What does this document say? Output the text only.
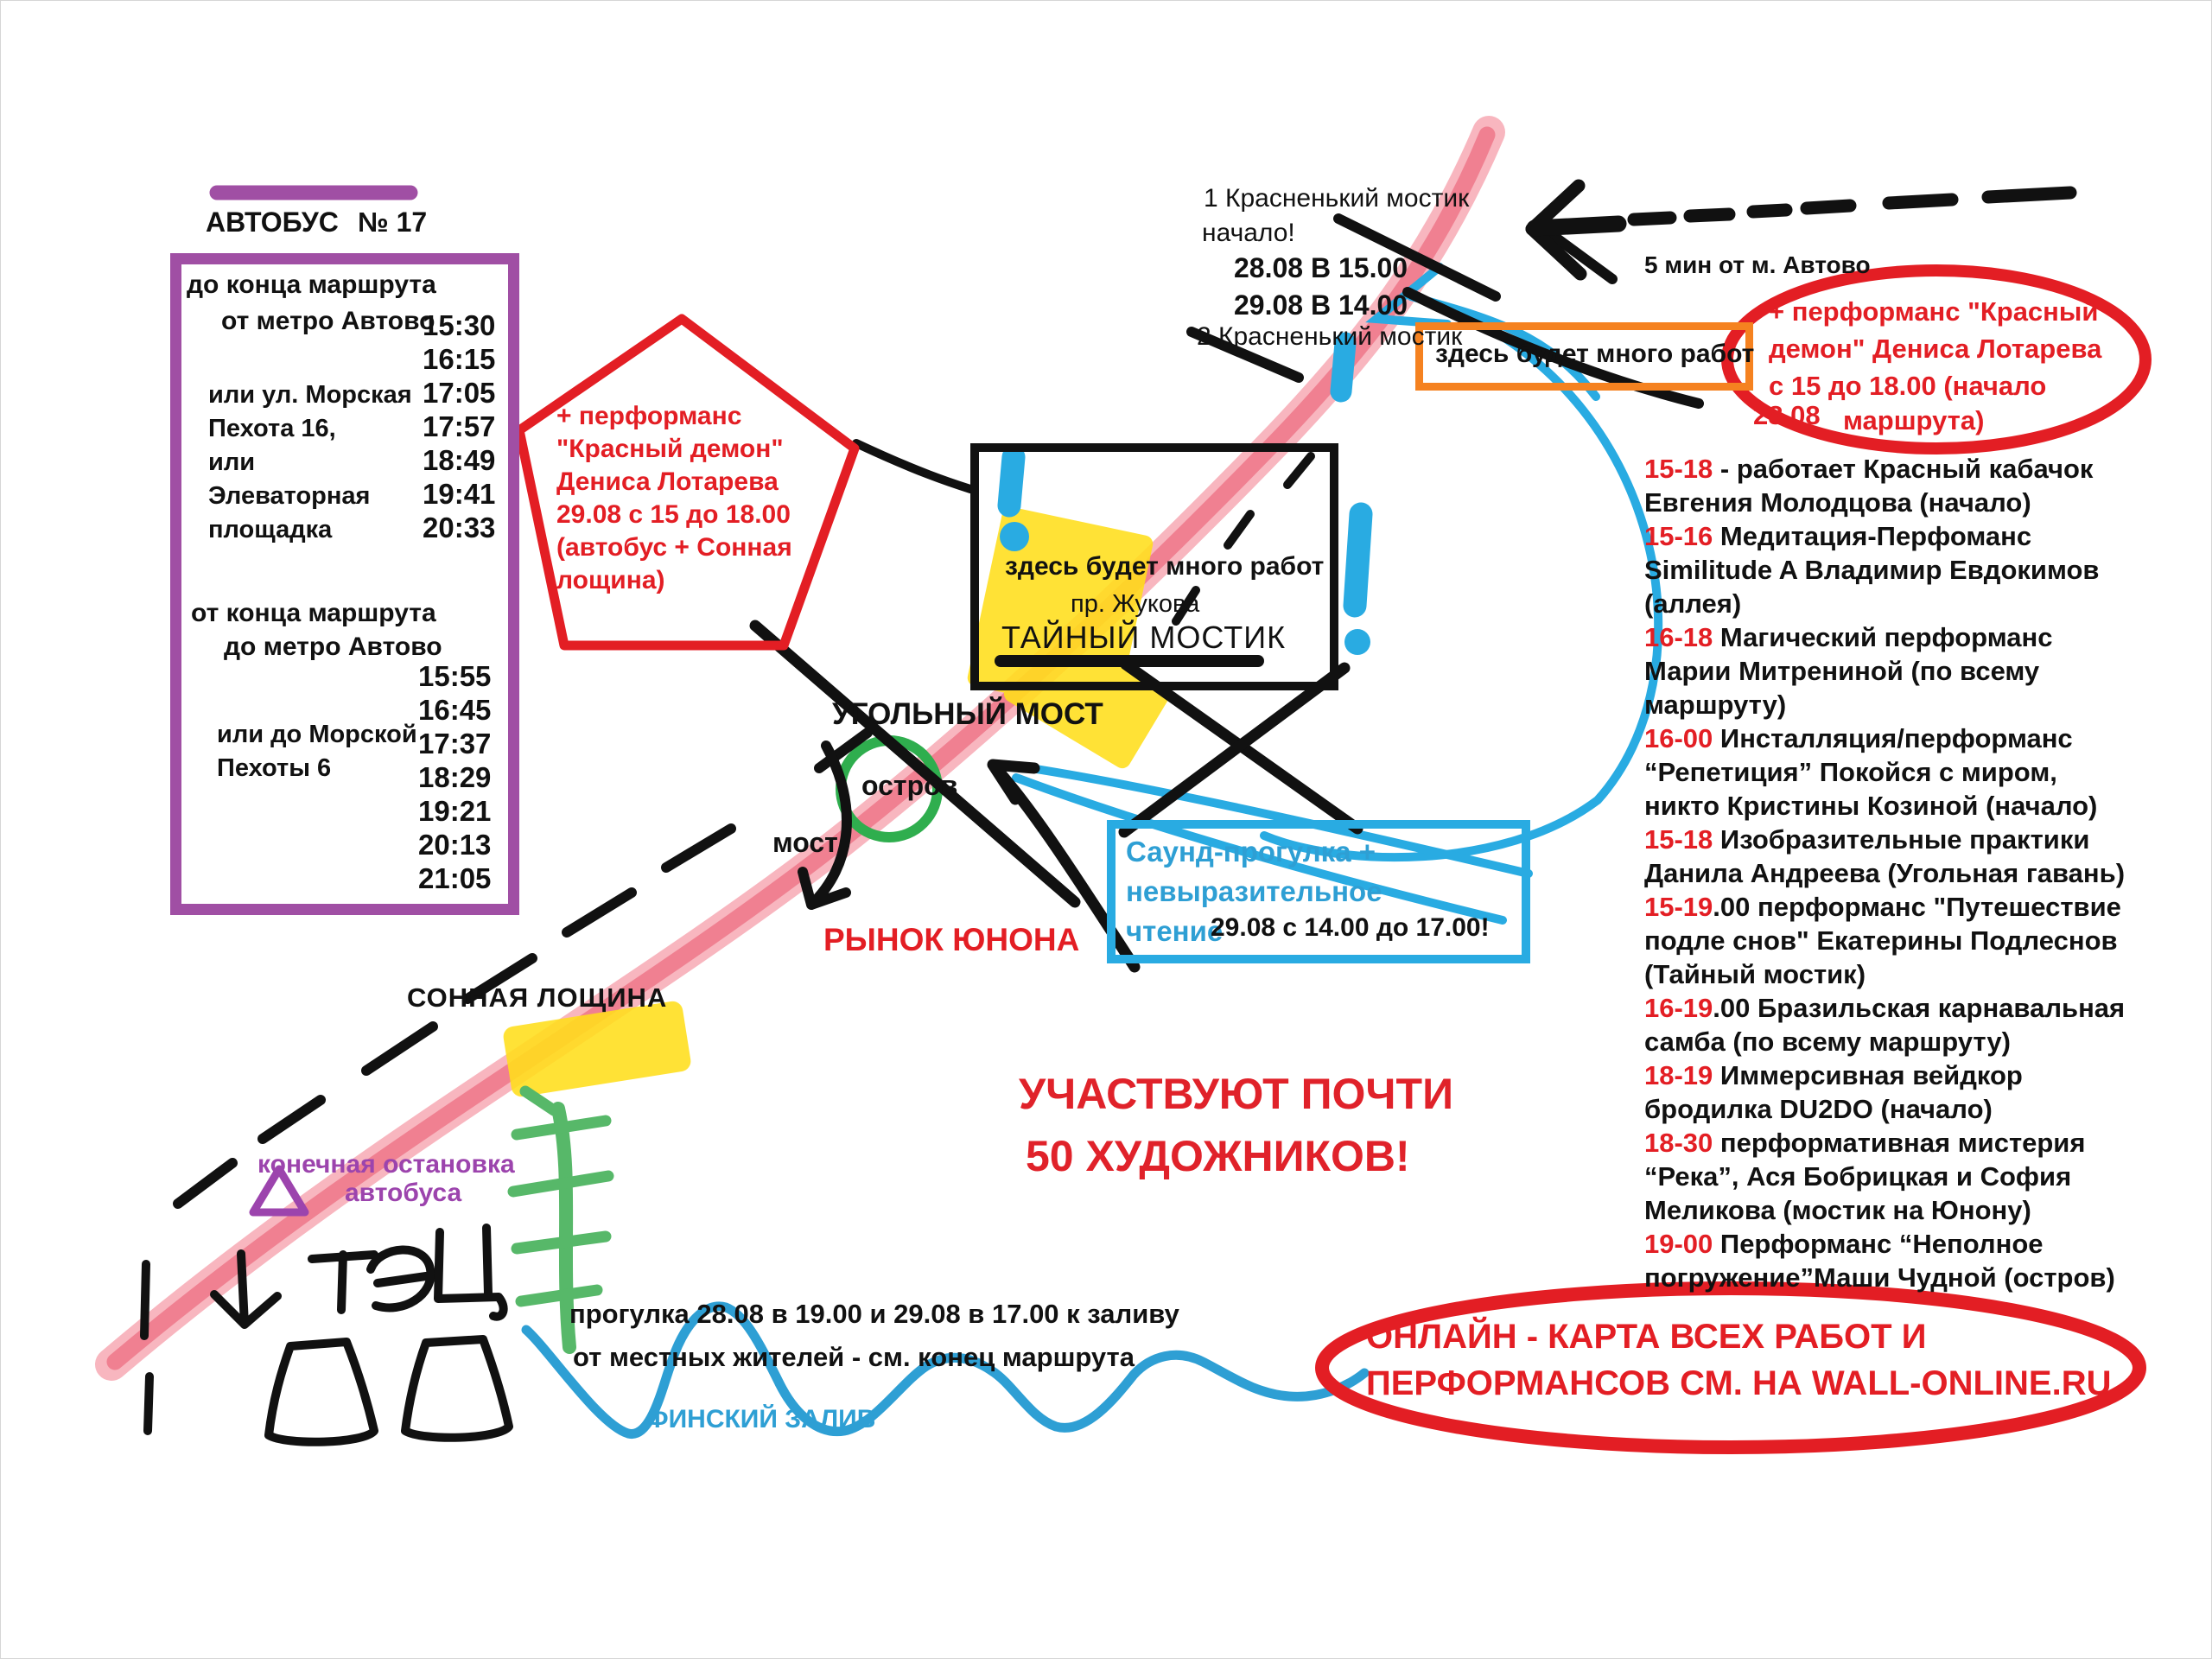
АВТОБУС № 17
до конца маршрута
от метро Автово
15:30
16:15
17:05
17:57
18:49
19:41
20:33
или ул. Морская
Пехота 16,
или
Элеваторная
площадка
от конца маршрута
до метро Автово
15:55
16:45
17:37
18:29
19:21
20:13
21:05
или до Морской
Пехоты 6
+ перформанс
"Красный демон"
Дениса Лотарева
29.08 с 15 до 18.00
(автобус + Сонная
лощина)
1 Красненький мостик
начало!
28.08 В 15.00
29.08 В 14.00
2 Красненький мостик
здесь будет много работ
5 мин от м. Автово
+ перформанс "Красный
демон" Дениса Лотарева
с 15 до 18.00 (начало
маршрута)
28.08
здесь будет много работ
пр. Жукова
ТАЙНЫЙ МОСТИК
15-18 - работает Красный кабачок Евгения Молодцова (начало)
15-16 Медитация-Перфоманс Similitude A Владимир Евдокимов (аллея)
16-18 Магический перформанс Марии Митрениной (по всему маршруту)
16-00 Инсталляция/перформанс “Репетиция” Покойся с миром, никто Кристины Козиной (начало)
15-18 Изобразительные практики Данила Андреева (Угольная гавань)
15-19.00 перформанс "Путешествие подле снов" Екатерины Подлеснов (Тайный мостик)
16-19.00 Бразильская карнавальная самба (по всему маршруту)
18-19 Иммерсивная вейдкор бродилка DU2DO (начало)
18-30 перформативная мистерия “Река”, Ася Бобрицкая и София Меликова (мостик на Юнону)
19-00 Перформанс “Неполное погружение”Маши Чудной (остров)
Саунд-прогулка +
невыразительное
чтение
29.08 с 14.00 до 17.00!
УГОЛЬНЫЙ МОСТ
остров
мост
РЫНОК ЮНОНА
СОННАЯ ЛОЩИНА
конечная остановка
автобуса
ФИНСКИЙ ЗАЛИВ
УЧАСТВУЮТ ПОЧТИ
50 ХУДОЖНИКОВ!
прогулка 28.08 в 19.00 и 29.08 в 17.00 к заливу
от местных жителей - см. конец маршрута
ОНЛАЙН - КАРТА ВСЕХ РАБОТ И
ПЕРФОРМАНСОВ СМ. НА WALL-ONLINE.RU
